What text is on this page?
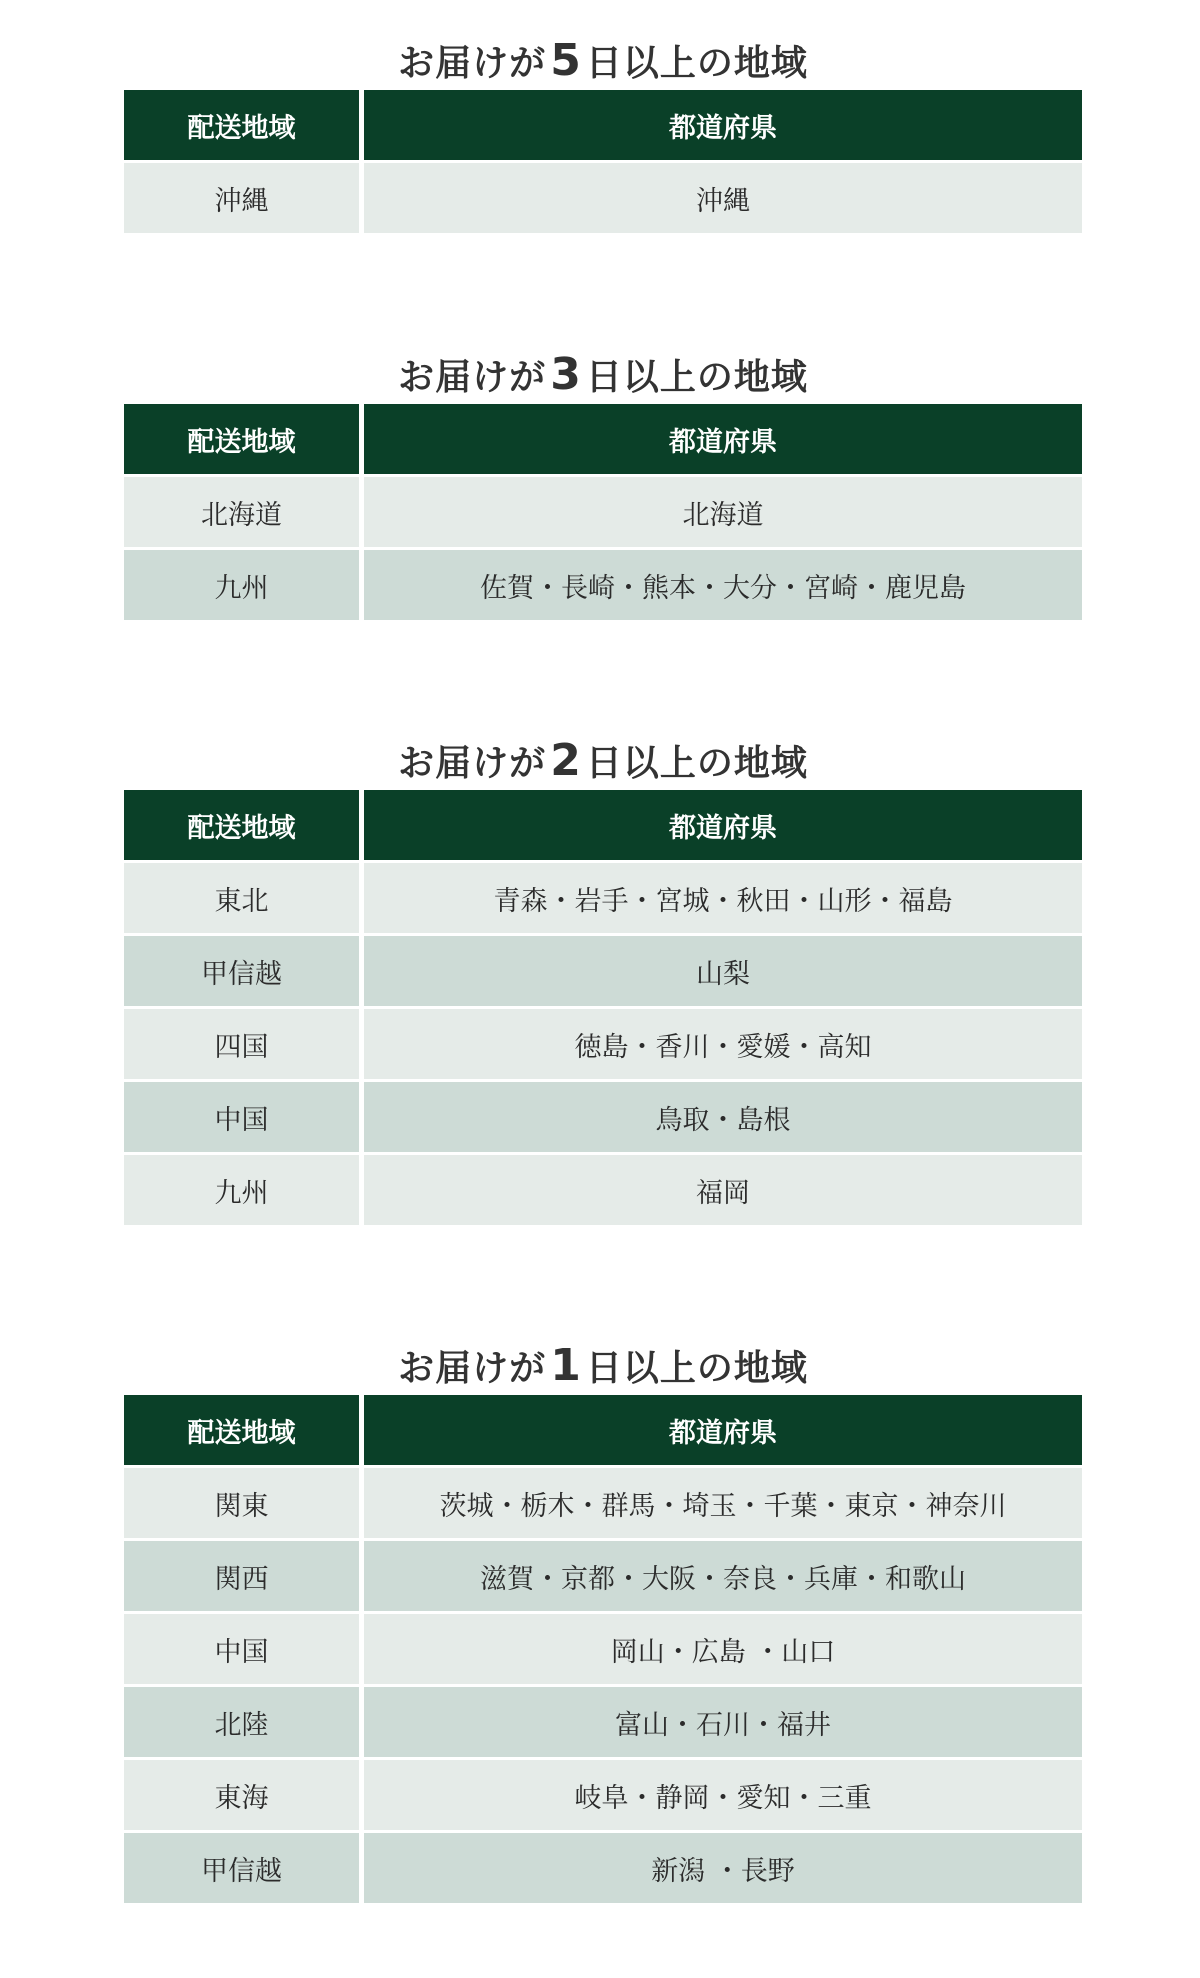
お届けが 5 日以上の地域
配送地域	都道府県
沖縄	沖縄
お届けが 3 日以上の地域
配送地域	都道府県
北海道	北海道
九州	佐賀・長崎・熊本・大分・宮崎・鹿児島
お届けが 2 日以上の地域
配送地域	都道府県
東北	青森・岩手・宮城・秋田・山形・福島
甲信越	山梨
四国	徳島・香川・愛媛・高知
中国	鳥取・島根
九州	福岡
お届けが 1 日以上の地域
配送地域	都道府県
関東	茨城・栃木・群馬・埼玉・千葉・東京・神奈川
関西	滋賀・京都・大阪・奈良・兵庫・和歌山
中国	岡山・広島 ・山口
北陸	富山・石川・福井
東海	岐阜・静岡・愛知・三重
甲信越	新潟 ・長野
